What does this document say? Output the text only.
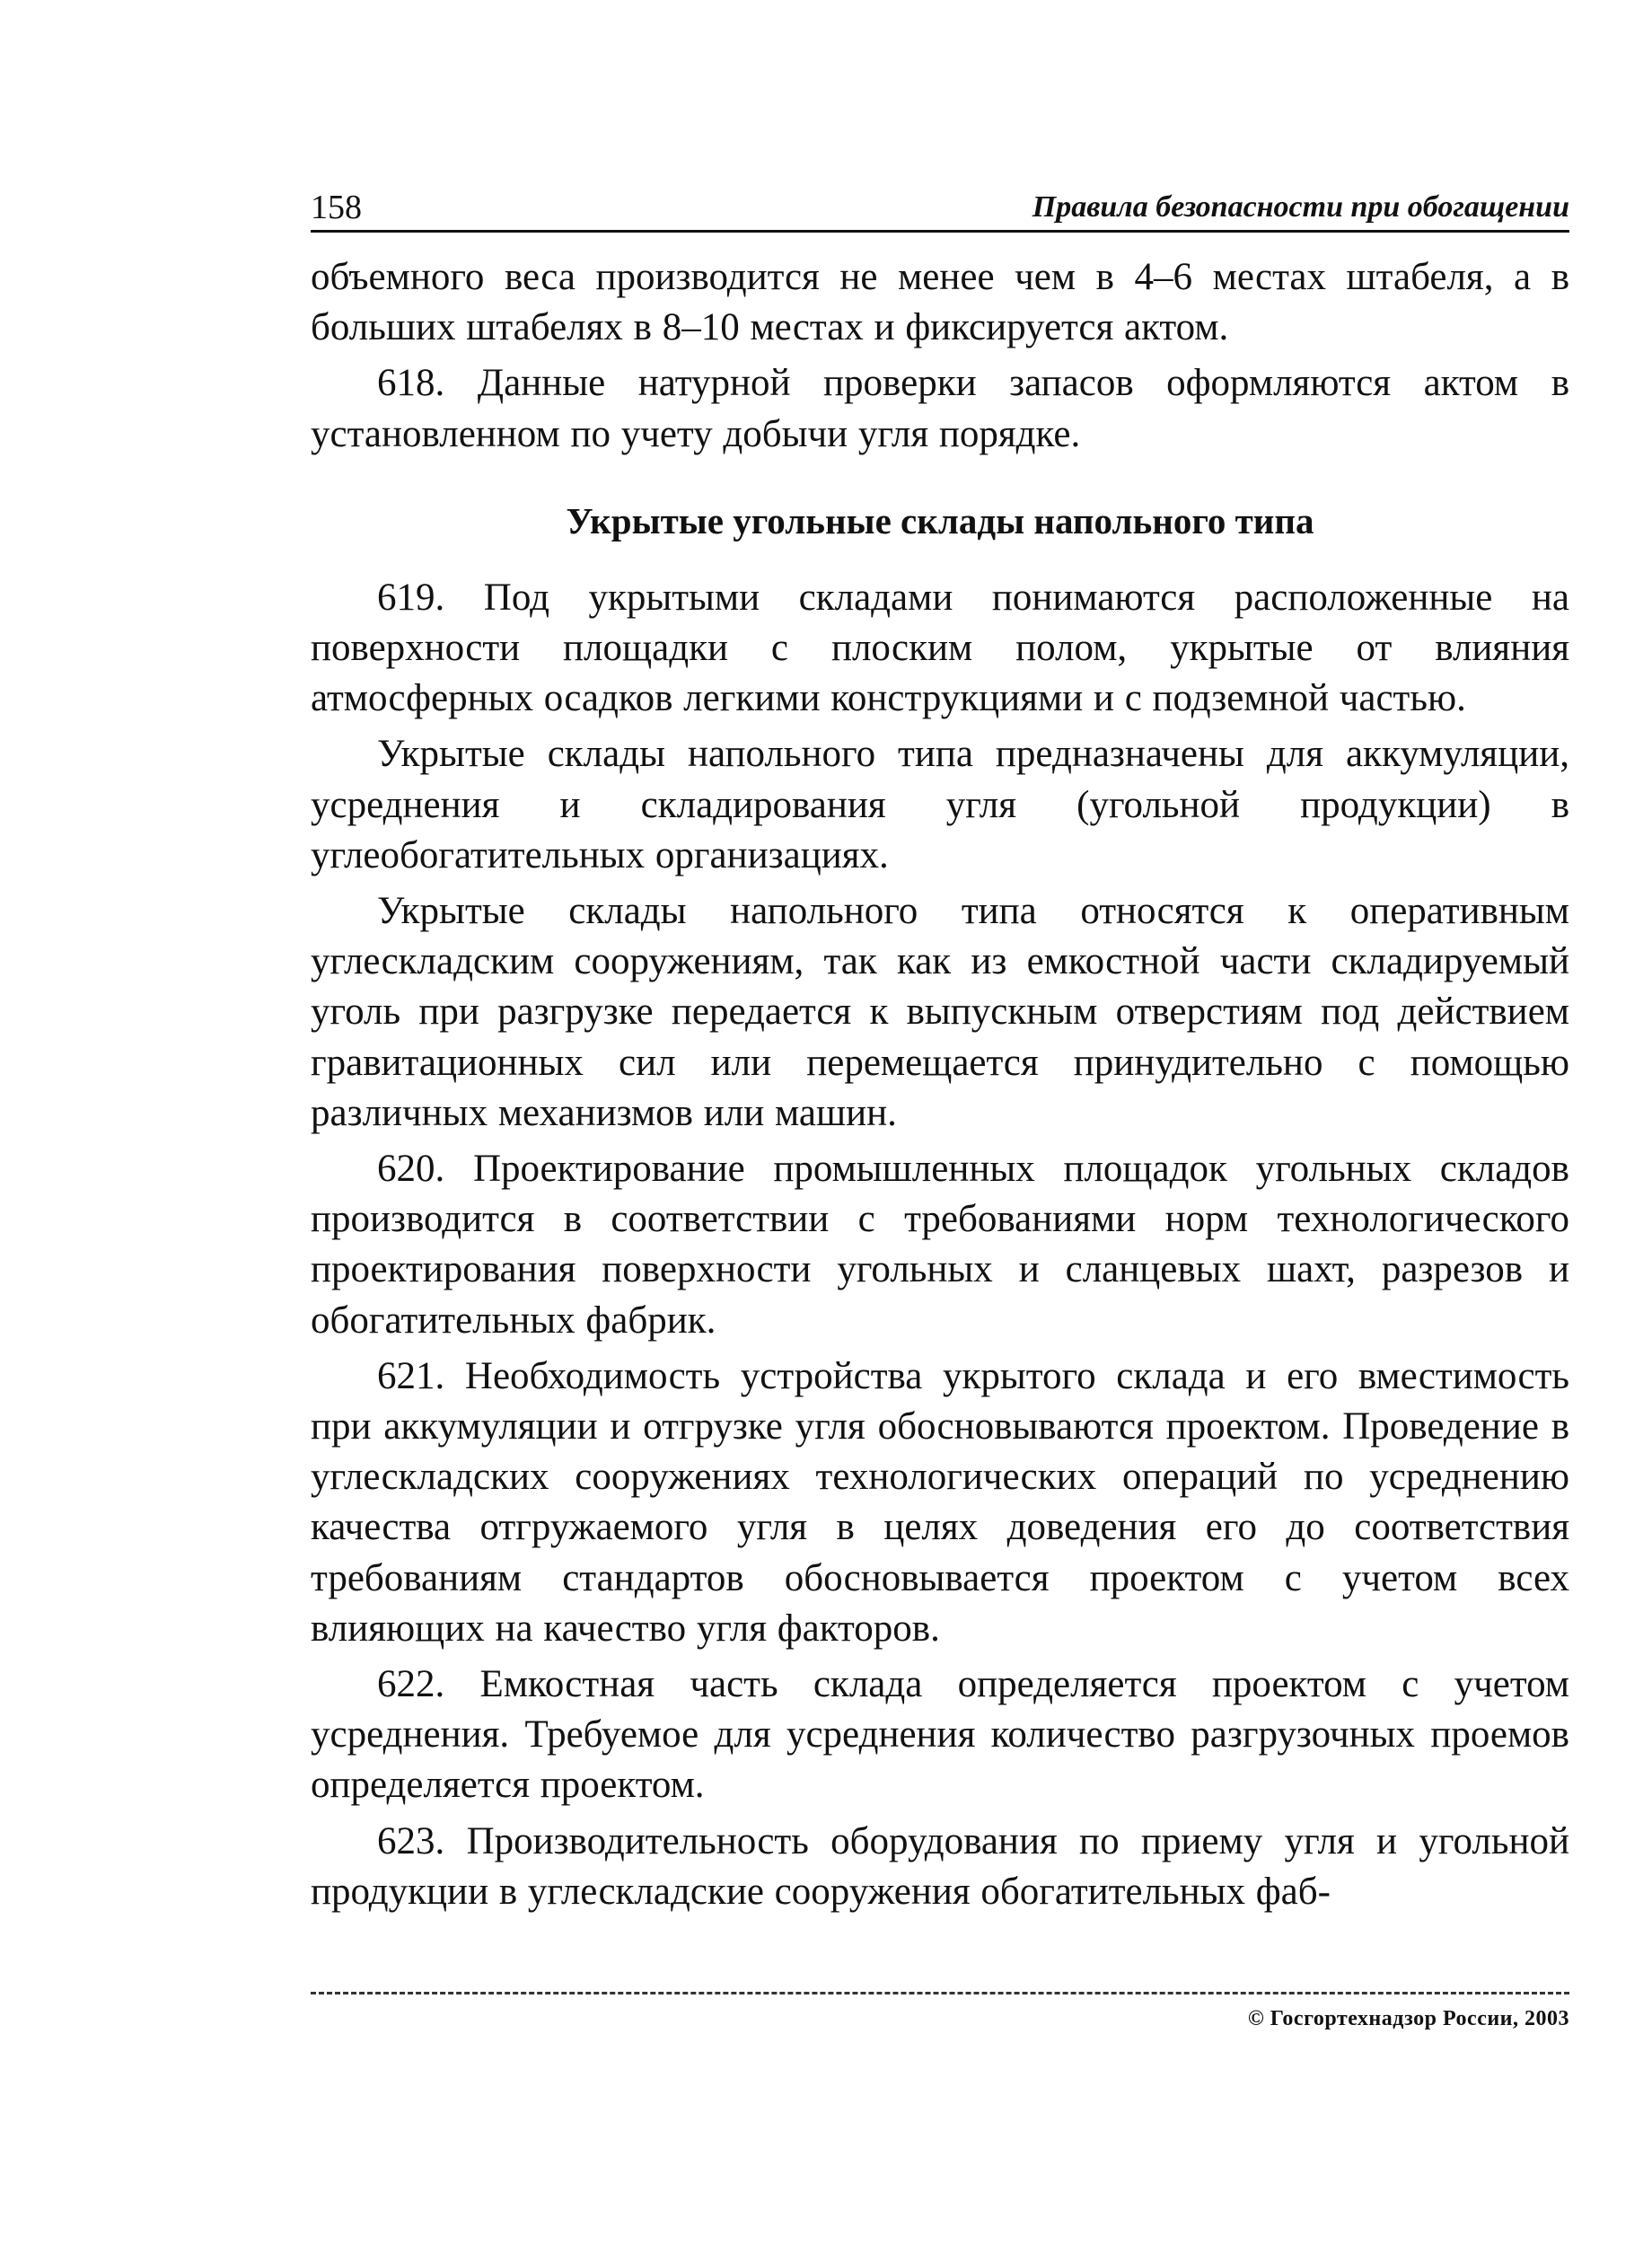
158	Правила безопасности при обогащении

объемного веса производится не менее чем в 4–6 местах штабеля, а в больших штабелях в 8–10 местах и фиксируется актом.

618. Данные натурной проверки запасов оформляются актом в установленном по учету добычи угля порядке.

Укрытые угольные склады напольного типа

619. Под укрытыми складами понимаются расположенные на поверхности площадки с плоским полом, укрытые от влияния атмосферных осадков легкими конструкциями и с подземной частью.

Укрытые склады напольного типа предназначены для аккумуляции, усреднения и складирования угля (угольной продукции) в углеобогатительных организациях.

Укрытые склады напольного типа относятся к оперативным углескладским сооружениям, так как из емкостной части складируемый уголь при разгрузке передается к выпускным отверстиям под действием гравитационных сил или перемещается принудительно с помощью различных механизмов или машин.

620. Проектирование промышленных площадок угольных складов производится в соответствии с требованиями норм технологического проектирования поверхности угольных и сланцевых шахт, разрезов и обогатительных фабрик.

621. Необходимость устройства укрытого склада и его вместимость при аккумуляции и отгрузке угля обосновываются проектом. Проведение в углескладских сооружениях технологических операций по усреднению качества отгружаемого угля в целях доведения его до соответствия требованиям стандартов обосновывается проектом с учетом всех влияющих на качество угля факторов.

622. Емкостная часть склада определяется проектом с учетом усреднения. Требуемое для усреднения количество разгрузочных проемов определяется проектом.

623. Производительность оборудования по приему угля и угольной продукции в углескладские сооружения обогатительных фаб-

© Госгортехнадзор России, 2003
